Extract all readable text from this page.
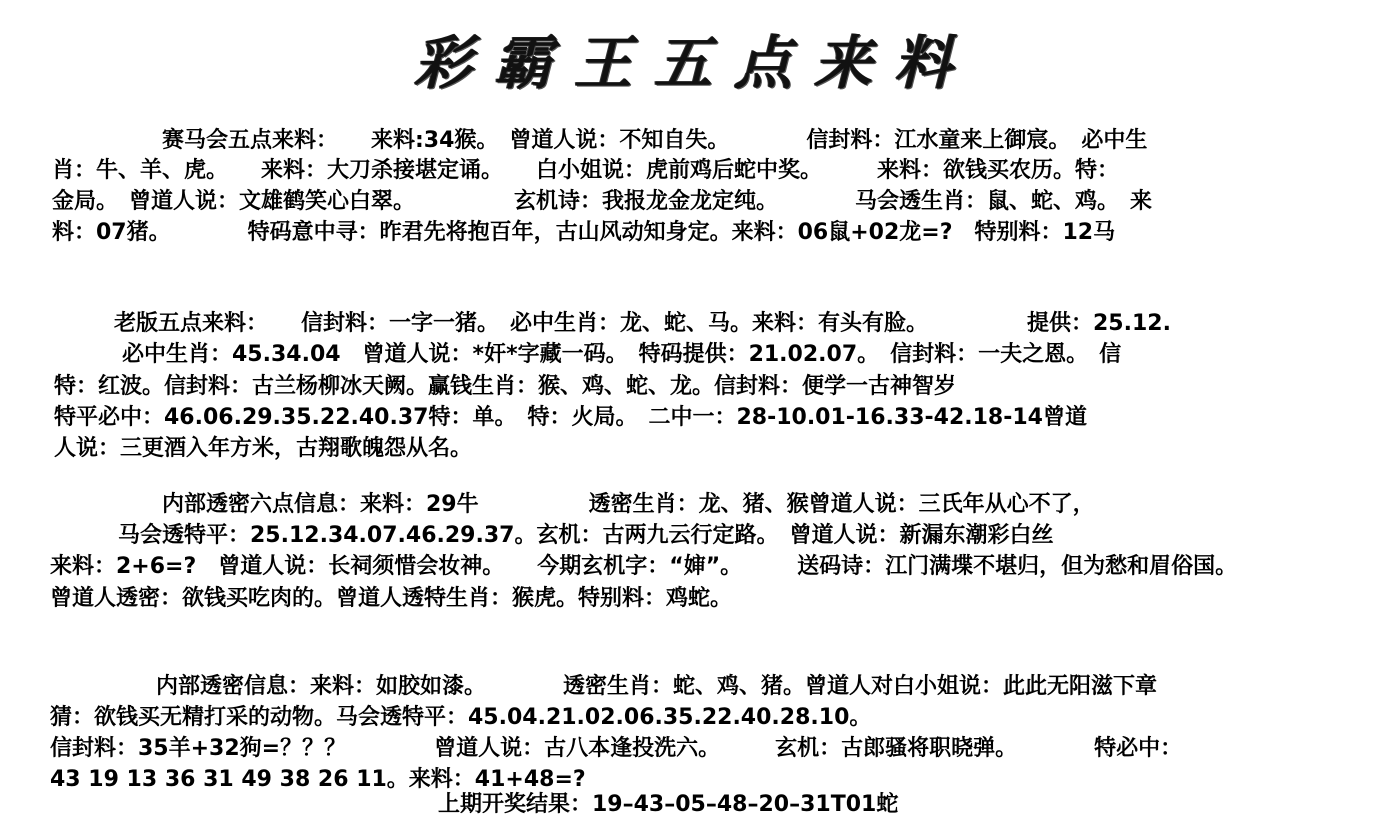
彩霸王五点来料
赛马会五点来料：　　来料:34猴。　曾道人说：不知自失。　　　　信封料：江水童来上御宸。　必中生
肖：牛、羊、虎。　　来料：大刀杀接堪定诵。　　白小姐说：虎前鸡后蛇中奖。　　　来料：欲钱买农历。特：
金局。　曾道人说：文雄鹤笑心白翠。　　　　　玄机诗：我报龙金龙定纯。　　　　马会透生肖：鼠、蛇、鸡。　来
料：07猪。　　　　特码意中寻：昨君先将抱百年，古山风动知身定。来料：06鼠+02龙=?　特别料：12马
老版五点来料：　　信封料：一字一猪。　必中生肖：龙、蛇、马。来料：有头有脸。　　　　　提供：25.12.
必中生肖：45.34.04　曾道人说：*奸*字藏一码。　特码提供：21.02.07。　信封料：一夫之恩。　信
特：红波。信封料：古兰杨柳冰天阙。赢钱生肖：猴、鸡、蛇、龙。信封料：便学一古神智岁
特平必中：46.06.29.35.22.40.37特：单。　特：火局。　二中一：28-10.01-16.33-42.18-14曾道
人说：三更酒入年方米，古翔歌魄怨从名。
内部透密六点信息：来料：29牛　　　　　透密生肖：龙、猪、猴曾道人说：三氏年从心不了，
马会透特平：25.12.34.07.46.29.37。玄机：古两九云行定路。　曾道人说：新漏东潮彩白丝
来料：2+6=?　曾道人说：长祠须惜会妆神。　　今期玄机字：“婶”。　　　送码诗：江门满堞不堪归，但为愁和眉俗国。
曾道人透密：欲钱买吃肉的。曾道人透特生肖：猴虎。特别料：鸡蛇。
内部透密信息：来料：如胶如漆。　　　　透密生肖：蛇、鸡、猪。曾道人对白小姐说：此此无阳滋下章
猜：欲钱买无精打采的动物。马会透特平：45.04.21.02.06.35.22.40.28.10。
信封料：35羊+32狗=？？？　　　　曾道人说：古八本逢投洗六。　　　玄机：古郎骚将职晓弹。　　　　特必中：
43 19 13 36 31 49 38 26 11。来料：41+48=?
上期开奖结果：19–43–05–48–20–31T01蛇
